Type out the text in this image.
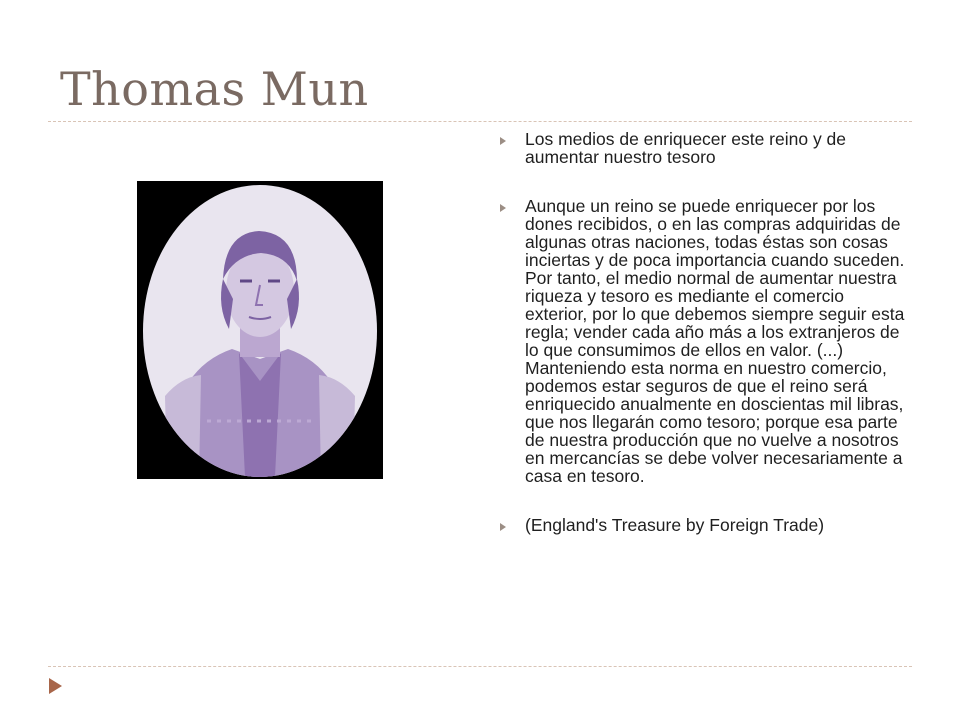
Thomas Mun
Los medios de enriquecer este reino y de aumentar nuestro tesoro
Aunque un reino se puede enriquecer por los dones recibidos, o en las compras adquiridas de algunas otras naciones, todas éstas son cosas inciertas y de poca importancia cuando suceden. Por tanto, el medio normal de aumentar nuestra riqueza y tesoro es mediante el comercio exterior, por lo que debemos siempre seguir esta regla; vender cada año más a los extranjeros de lo que consumimos de ellos en valor. (...) Manteniendo esta norma en nuestro comercio, podemos estar seguros de que el reino será enriquecido anualmente en doscientas mil libras, que nos llegarán como tesoro; porque esa parte de nuestra producción que no vuelve a nosotros en mercancías se debe volver necesariamente a casa en tesoro.
(England's Treasure by Foreign Trade)
